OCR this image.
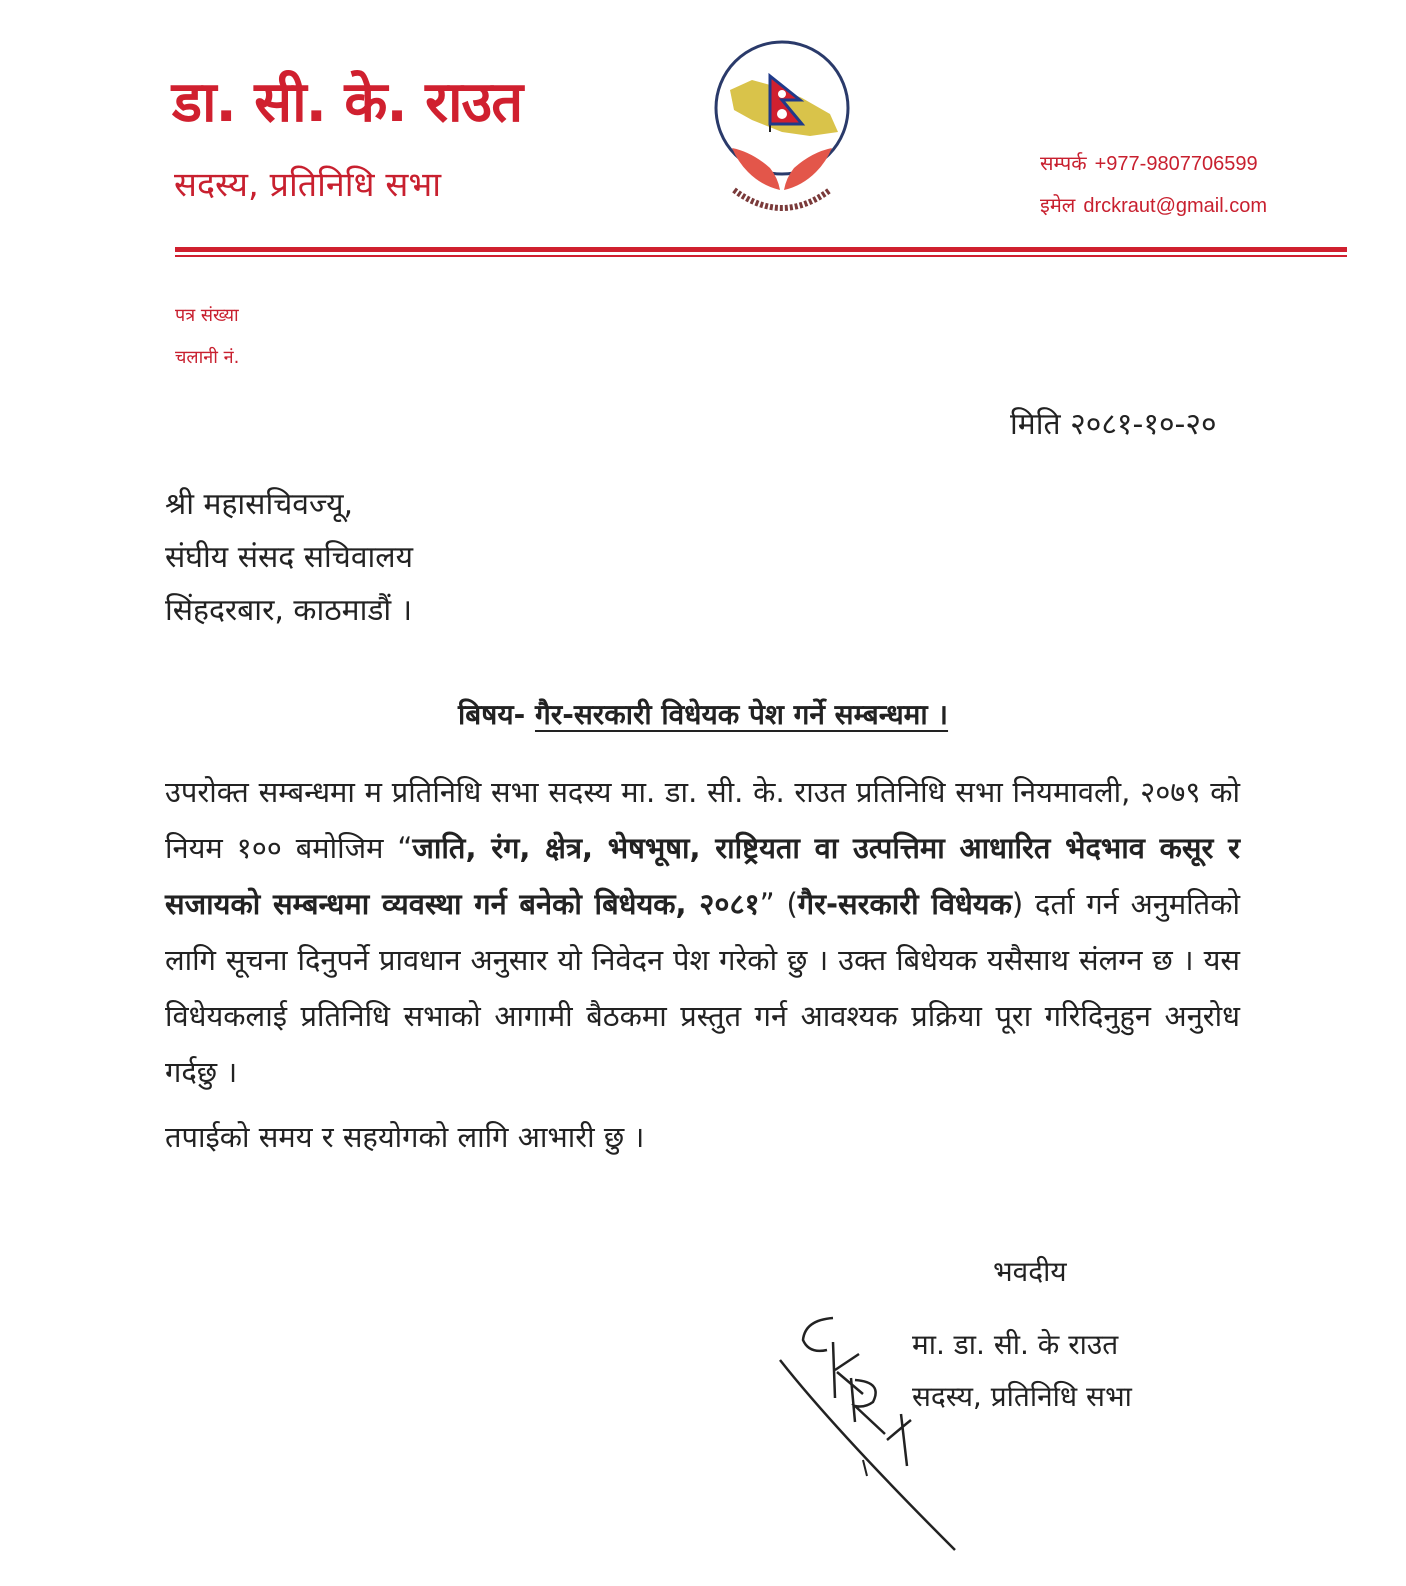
डा. सी. के. राउत
सदस्य, प्रतिनिधि सभा
सम्पर्क +977-9807706599
इमेल drckraut@gmail.com
पत्र संख्या
चलानी नं.
मिति २०८१-१०-२०
श्री महासचिवज्यू,
संघीय संसद सचिवालय
सिंहदरबार, काठमाडौं ।
बिषय- गैर-सरकारी विधेयक पेश गर्ने सम्बन्धमा ।
उपरोक्त सम्बन्धमा म प्रतिनिधि सभा सदस्य मा. डा. सी. के. राउत प्रतिनिधि सभा नियमावली, २०७९ को नियम १०० बमोजिम “जाति, रंग, क्षेत्र, भेषभूषा, राष्ट्रियता वा उत्पत्तिमा आधारित भेदभाव कसूर र सजायको सम्बन्धमा व्यवस्था गर्न बनेको बिधेयक, २०८१” (गैर-सरकारी विधेयक) दर्ता गर्न अनुमतिको लागि सूचना दिनुपर्ने प्रावधान अनुसार यो निवेदन पेश गरेको छु । उक्त बिधेयक यसैसाथ संलग्न छ । यस विधेयकलाई प्रतिनिधि सभाको आगामी बैठकमा प्रस्तुत गर्न आवश्यक प्रक्रिया पूरा गरिदिनुहुन अनुरोध गर्दछु ।
तपाईको समय र सहयोगको लागि आभारी छु ।
भवदीय
मा. डा. सी. के राउत
सदस्य, प्रतिनिधि सभा
